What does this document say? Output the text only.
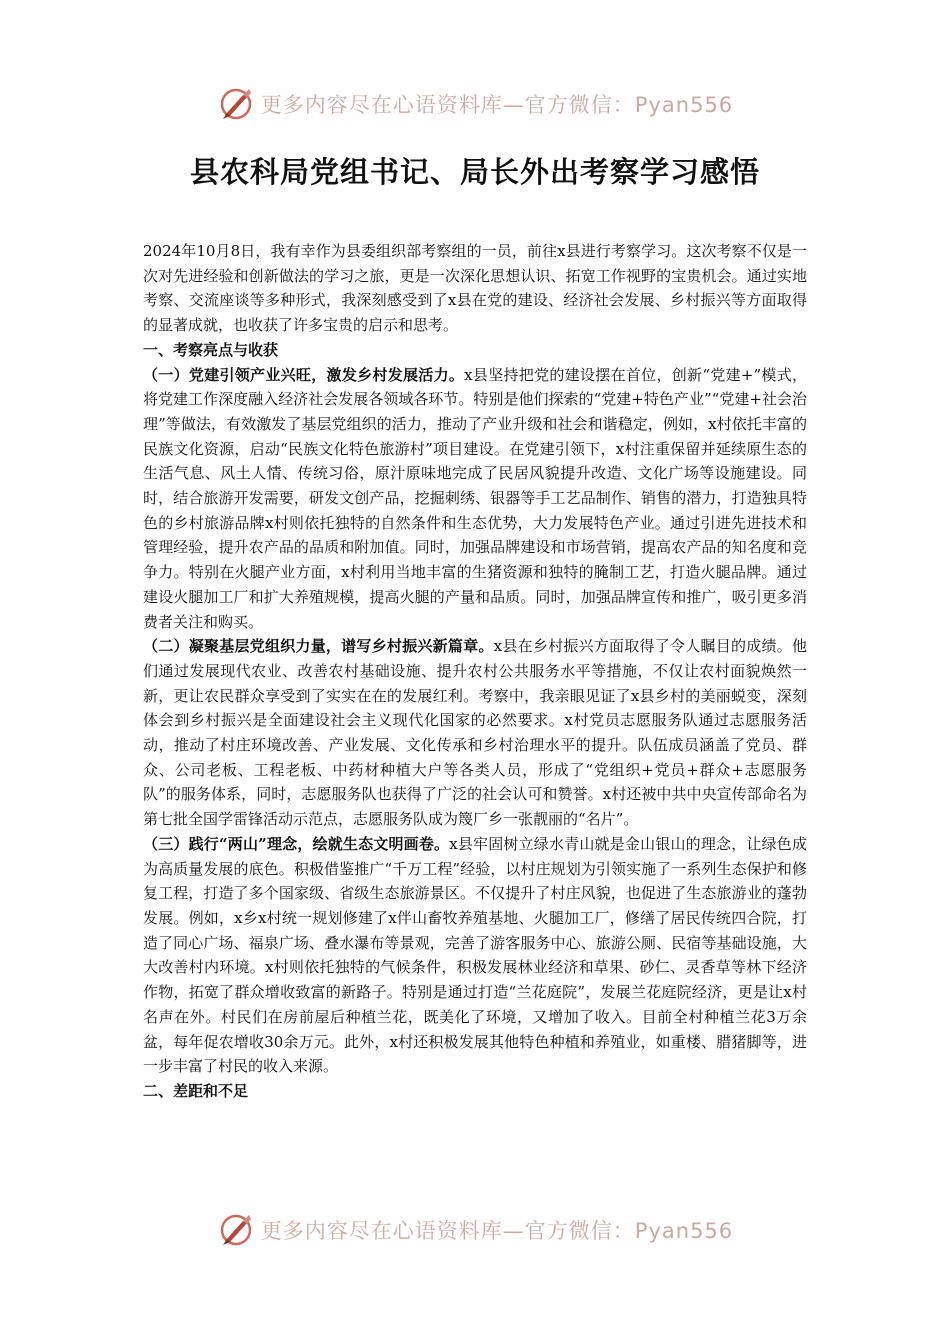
更多内容尽在心语资料库—官方微信：Pyan556
县农科局党组书记、局长外出考察学习感悟

2024年10月8日，我有幸作为县委组织部考察组的一员，前往x县进行考察学习。这次考察不仅是一次对先进经验和创新做法的学习之旅，更是一次深化思想认识、拓宽工作视野的宝贵机会。通过实地考察、交流座谈等多种形式，我深刻感受到了x县在党的建设、经济社会发展、乡村振兴等方面取得的显著成就，也收获了许多宝贵的启示和思考。

一、考察亮点与收获

（一）党建引领产业兴旺，激发乡村发展活力。x县坚持把党的建设摆在首位，创新“党建+”模式，将党建工作深度融入经济社会发展各领域各环节。特别是他们探索的“党建+特色产业”“党建+社会治理”等做法，有效激发了基层党组织的活力，推动了产业升级和社会和谐稳定，例如，x村依托丰富的民族文化资源，启动“民族文化特色旅游村”项目建设。在党建引领下，x村注重保留并延续原生态的生活气息、风土人情、传统习俗，原汁原味地完成了民居风貌提升改造、文化广场等设施建设。同时，结合旅游开发需要，研发文创产品，挖掘刺绣、银器等手工艺品制作、销售的潜力，打造独具特色的乡村旅游品牌x村则依托独特的自然条件和生态优势，大力发展特色产业。通过引进先进技术和管理经验，提升农产品的品质和附加值。同时，加强品牌建设和市场营销，提高农产品的知名度和竞争力。特别在火腿产业方面，x村利用当地丰富的生猪资源和独特的腌制工艺，打造火腿品牌。通过建设火腿加工厂和扩大养殖规模，提高火腿的产量和品质。同时，加强品牌宣传和推广，吸引更多消费者关注和购买。

（二）凝聚基层党组织力量，谱写乡村振兴新篇章。x县在乡村振兴方面取得了令人瞩目的成绩。他们通过发展现代农业、改善农村基础设施、提升农村公共服务水平等措施，不仅让农村面貌焕然一新，更让农民群众享受到了实实在在的发展红利。考察中，我亲眼见证了x县乡村的美丽蜕变，深刻体会到乡村振兴是全面建设社会主义现代化国家的必然要求。x村党员志愿服务队通过志愿服务活动，推动了村庄环境改善、产业发展、文化传承和乡村治理水平的提升。队伍成员涵盖了党员、群众、公司老板、工程老板、中药材种植大户等各类人员，形成了“党组织+党员+群众+志愿服务队”的服务体系，同时，志愿服务队也获得了广泛的社会认可和赞誉。x村还被中共中央宣传部命名为第七批全国学雷锋活动示范点，志愿服务队成为篾厂乡一张靓丽的“名片”。

（三）践行“两山”理念，绘就生态文明画卷。x县牢固树立绿水青山就是金山银山的理念，让绿色成为高质量发展的底色。积极借鉴推广“千万工程”经验，以村庄规划为引领实施了一系列生态保护和修复工程，打造了多个国家级、省级生态旅游景区。不仅提升了村庄风貌，也促进了生态旅游业的蓬勃发展。例如，x乡x村统一规划修建了x伴山畜牧养殖基地、火腿加工厂，修缮了居民传统四合院，打造了同心广场、福泉广场、叠水瀑布等景观，完善了游客服务中心、旅游公厕、民宿等基础设施，大大改善村内环境。x村则依托独特的气候条件，积极发展林业经济和草果、砂仁、灵香草等林下经济作物，拓宽了群众增收致富的新路子。特别是通过打造“兰花庭院”，发展兰花庭院经济，更是让x村名声在外。村民们在房前屋后种植兰花，既美化了环境，又增加了收入。目前全村种植兰花3万余盆，每年促农增收30余万元。此外，x村还积极发展其他特色种植和养殖业，如重楼、腊猪脚等，进一步丰富了村民的收入来源。

二、差距和不足

更多内容尽在心语资料库—官方微信：Pyan556
